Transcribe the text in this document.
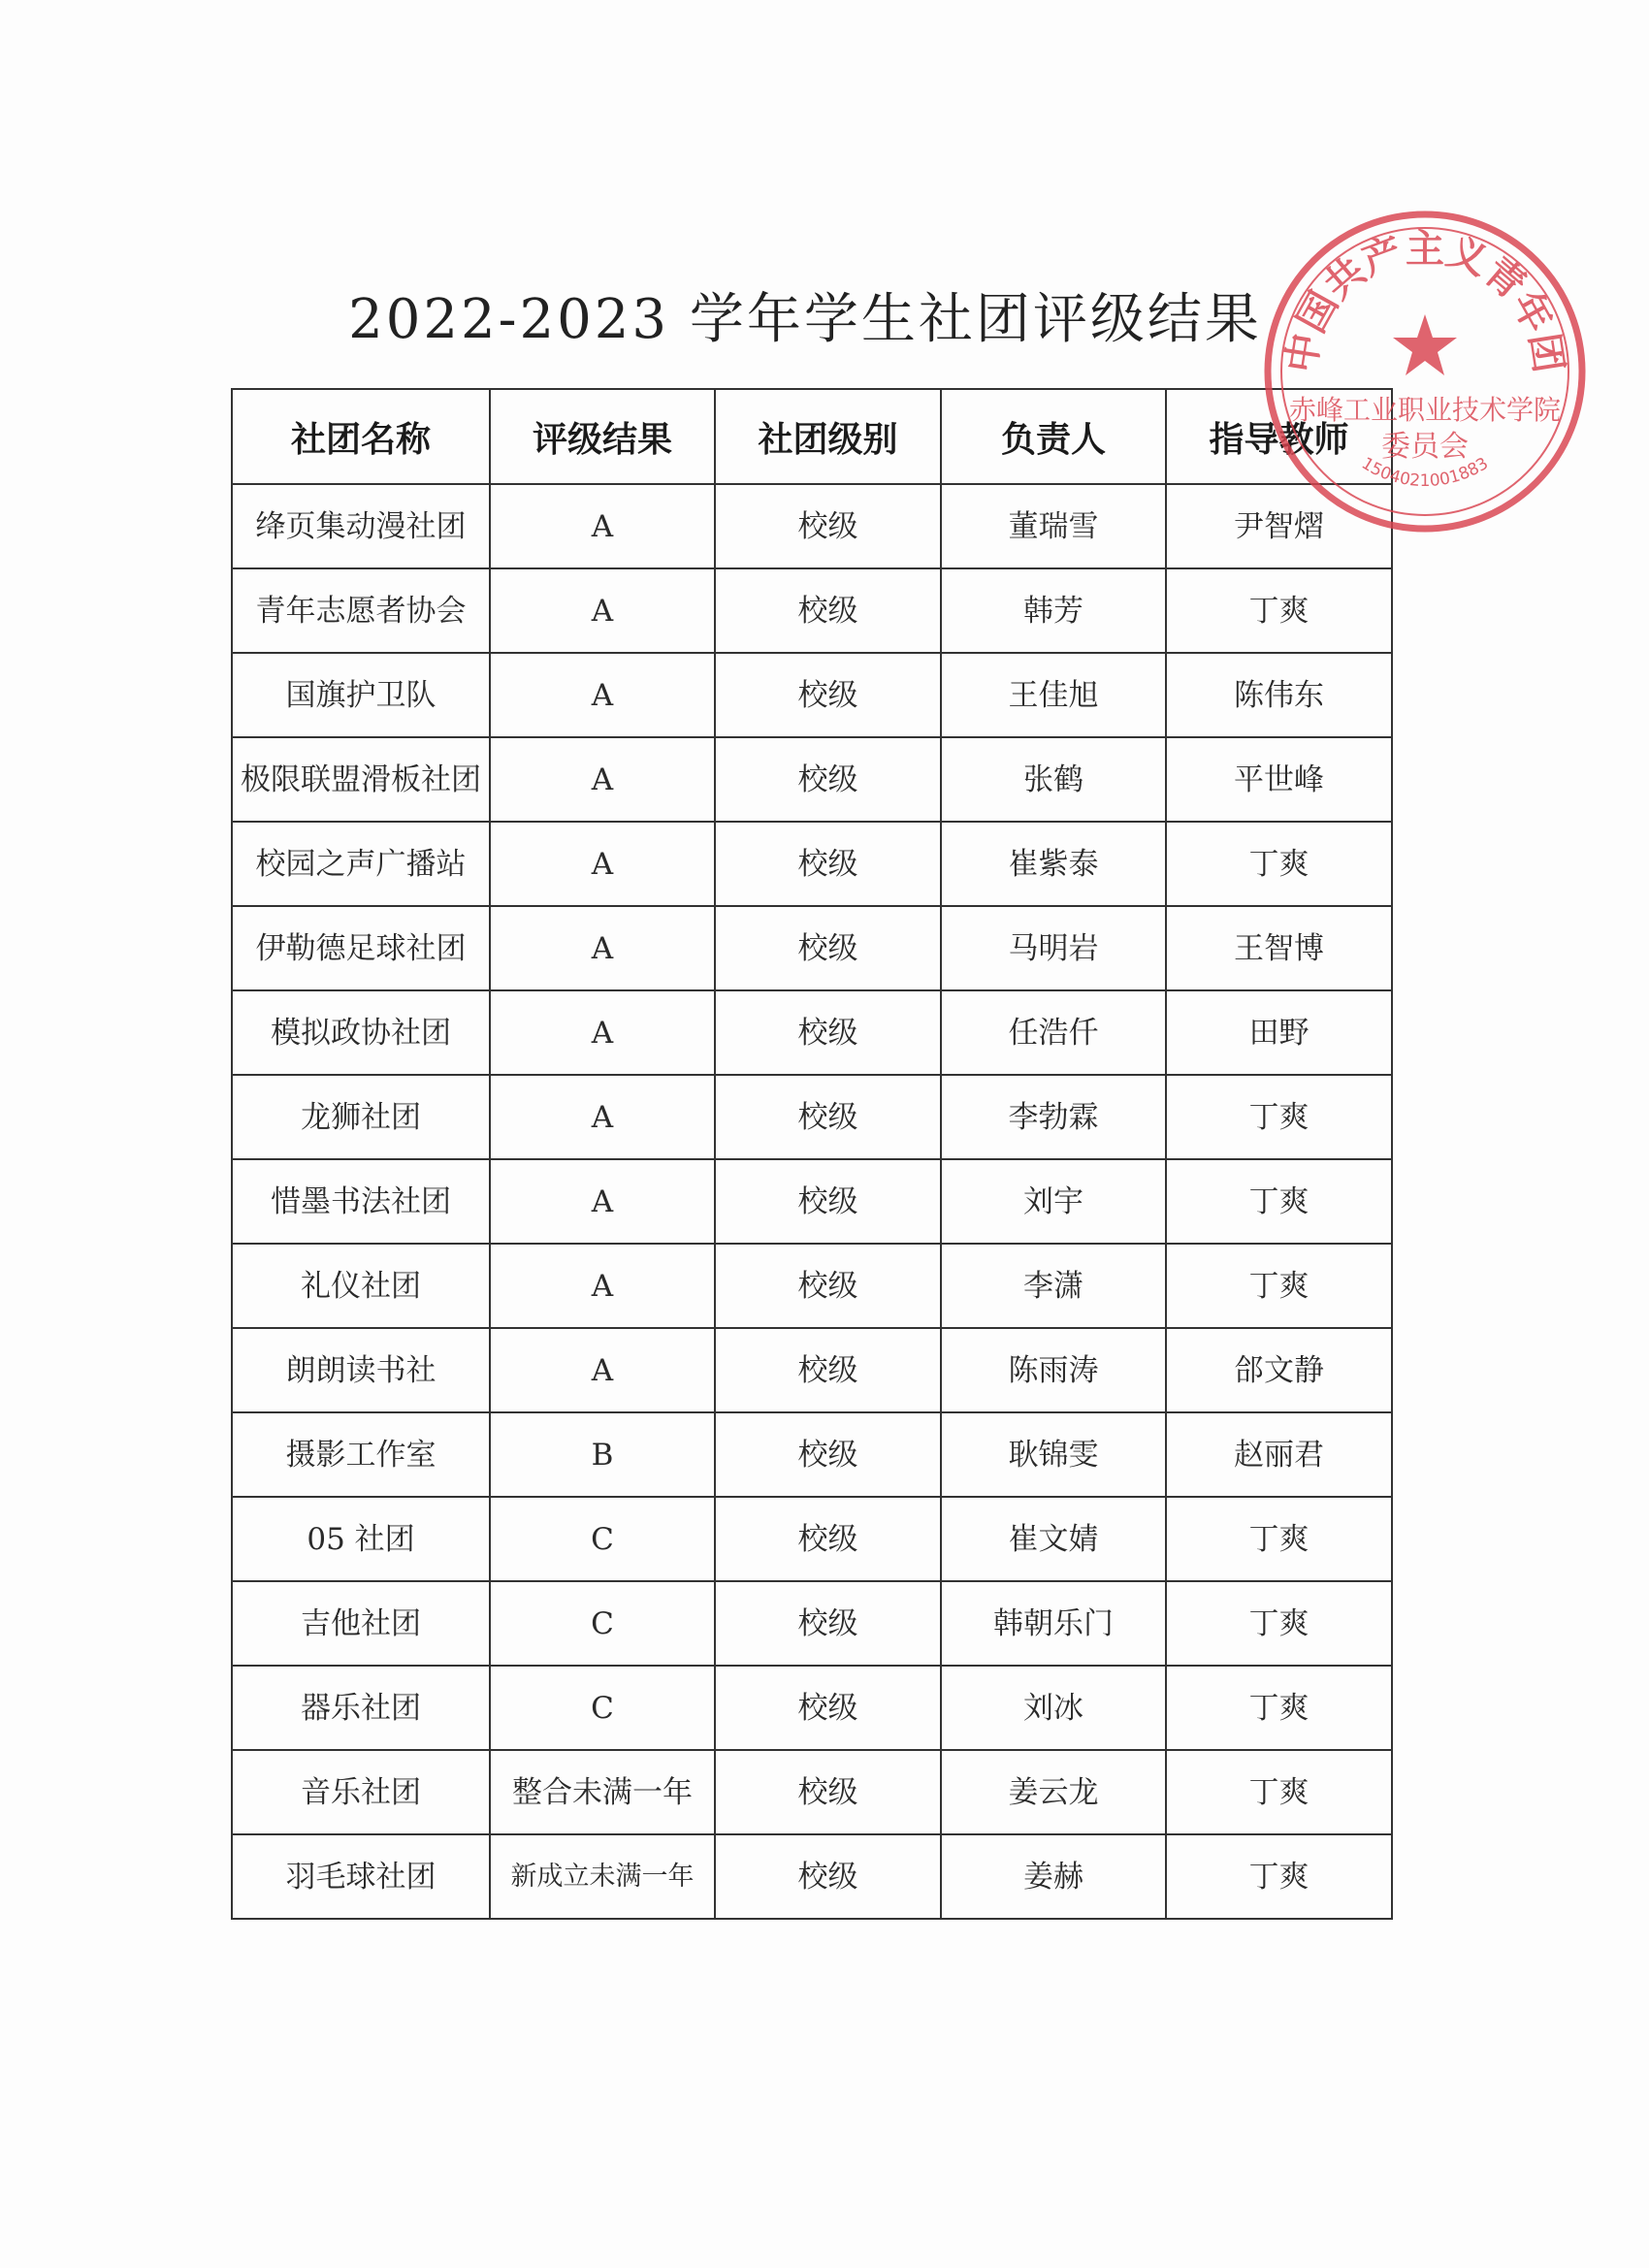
2022-2023 学年学生社团评级结果
社团名称	评级结果	社团级别	负责人	指导教师
绛页集动漫社团	A	校级	董瑞雪	尹智熠
青年志愿者协会	A	校级	韩芳	丁爽
国旗护卫队	A	校级	王佳旭	陈伟东
极限联盟滑板社团	A	校级	张鹤	平世峰
校园之声广播站	A	校级	崔紫泰	丁爽
伊勒德足球社团	A	校级	马明岩	王智博
模拟政协社团	A	校级	任浩仟	田野
龙狮社团	A	校级	李勃霖	丁爽
惜墨书法社团	A	校级	刘宇	丁爽
礼仪社团	A	校级	李潇	丁爽
朗朗读书社	A	校级	陈雨涛	郃文静
摄影工作室	B	校级	耿锦雯	赵丽君
05 社团	C	校级	崔文婧	丁爽
吉他社团	C	校级	韩朝乐门	丁爽
器乐社团	C	校级	刘冰	丁爽
音乐社团	整合未满一年	校级	姜云龙	丁爽
羽毛球社团	新成立未满一年	校级	姜赫	丁爽
中国共产主义青年团
赤峰工业职业技术学院
委员会
1504021001883
